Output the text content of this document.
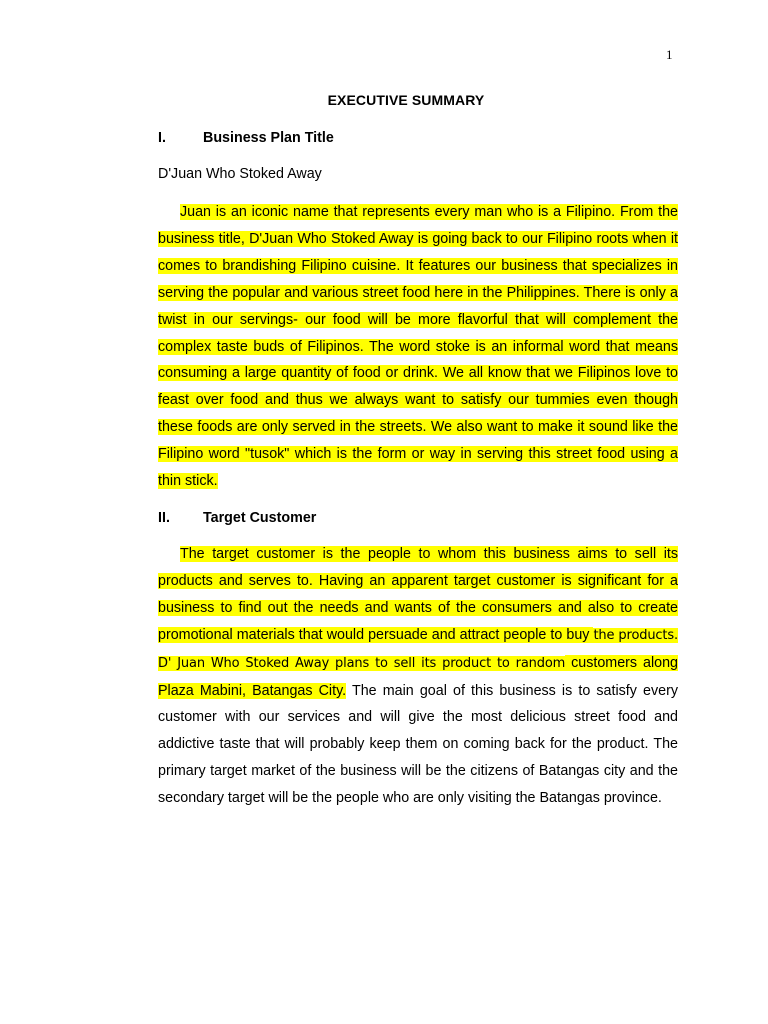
1
EXECUTIVE SUMMARY
I.	Business Plan Title
D'Juan Who Stoked Away
Juan is an iconic name that represents every man who is a Filipino. From the business title, D'Juan Who Stoked Away is going back to our Filipino roots when it comes to brandishing Filipino cuisine. It features our business that specializes in serving the popular and various street food here in the Philippines. There is only a twist in our servings- our food will be more flavorful that will complement the complex taste buds of Filipinos. The word stoke is an informal word that means consuming a large quantity of food or drink. We all know that we Filipinos love to feast over food and thus we always want to satisfy our tummies even though these foods are only served in the streets. We also want to make it sound like the Filipino word "tusok" which is the form or way in serving this street food using a thin stick.
II. Target Customer
The target customer is the people to whom this business aims to sell its products and serves to. Having an apparent target customer is significant for a business to find out the needs and wants of the consumers and also to create promotional materials that would persuade and attract people to buy the products. D' Juan Who Stoked Away plans to sell its product to random customers along Plaza Mabini, Batangas City. The main goal of this business is to satisfy every customer with our services and will give the most delicious street food and addictive taste that will probably keep them on coming back for the product. The primary target market of the business will be the citizens of Batangas city and the secondary target will be the people who are only visiting the Batangas province.
